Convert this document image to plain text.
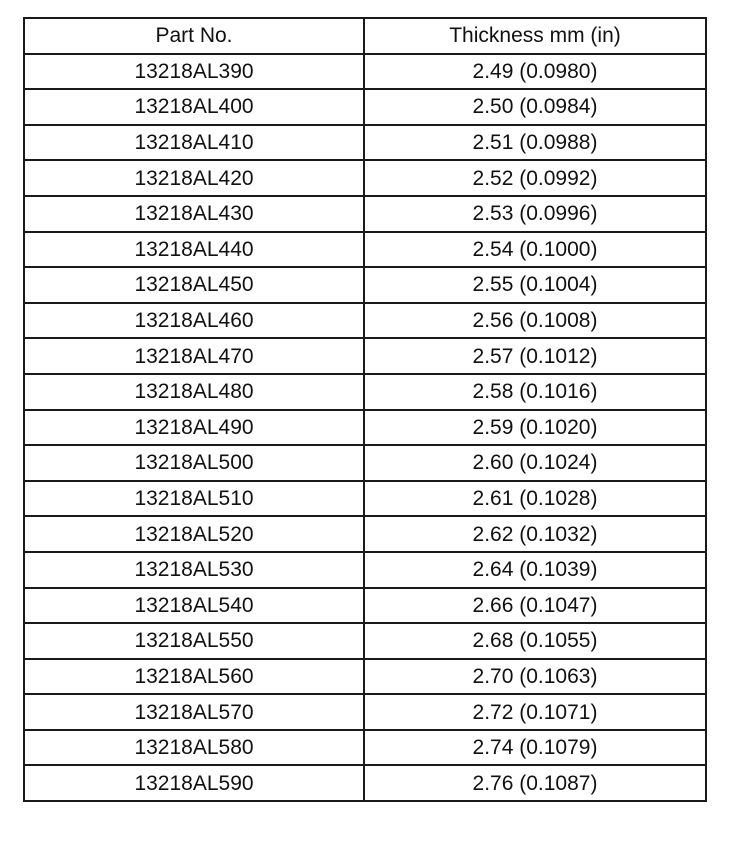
Part No.	Thickness mm (in)
13218AL390	2.49 (0.0980)
13218AL400	2.50 (0.0984)
13218AL410	2.51 (0.0988)
13218AL420	2.52 (0.0992)
13218AL430	2.53 (0.0996)
13218AL440	2.54 (0.1000)
13218AL450	2.55 (0.1004)
13218AL460	2.56 (0.1008)
13218AL470	2.57 (0.1012)
13218AL480	2.58 (0.1016)
13218AL490	2.59 (0.1020)
13218AL500	2.60 (0.1024)
13218AL510	2.61 (0.1028)
13218AL520	2.62 (0.1032)
13218AL530	2.64 (0.1039)
13218AL540	2.66 (0.1047)
13218AL550	2.68 (0.1055)
13218AL560	2.70 (0.1063)
13218AL570	2.72 (0.1071)
13218AL580	2.74 (0.1079)
13218AL590	2.76 (0.1087)
